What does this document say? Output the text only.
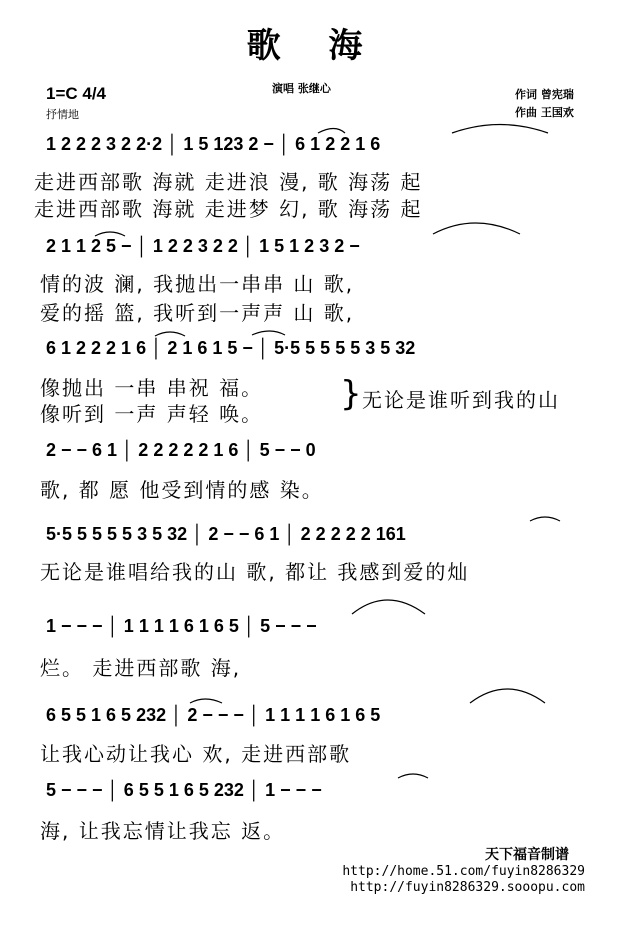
歌 海
1=C 4/4
抒情地
演唱 张继心	作词 曾宪瑞
作曲 王国欢
1 2 2 2 3 2 2·2 │ 1 5 123 2 − │ 6 1 2 2 1 6
走进西部歌 海就 走进浪 漫, 歌 海荡 起
走进西部歌 海就 走进梦 幻, 歌 海荡 起
2 1 1 2 5 − │ 1 2 2 3 2 2 │ 1 5 1 2 3 2 −
情的波 澜, 我抛出一串串 山 歌,
爱的摇 篮, 我听到一声声 山 歌,
6 1 2 2 2 1 6 │ 2 1 6 1 5 − │ 5·5 5 5 5 5 3 5 32
像抛出 一串 串祝 福。
像听到 一声 声轻 唤。 } 无论是谁听到我的山
2 − − 6 1 │ 2 2 2 2 2 1 6 │ 5 − − 0
歌, 都 愿 他受到情的感 染。
5·5 5 5 5 5 3 5 32 │ 2 − − 6 1 │ 2 2 2 2 2 161
无论是谁唱给我的山 歌, 都让 我感到爱的灿
1 − − − │ 1 1 1 1 6 1 6 5 │ 5 − − −
烂。 走进西部歌 海,
6 5 5 1 6 5 232 │ 2 − − − │ 1 1 1 1 6 1 6 5
让我心动让我心 欢, 走进西部歌
5 − − − │ 6 5 5 1 6 5 232 │ 1 − − −
海, 让我忘情让我忘 返。
天下福音制谱
http://home.51.com/fuyin8286329
http://fuyin8286329.sooopu.com
